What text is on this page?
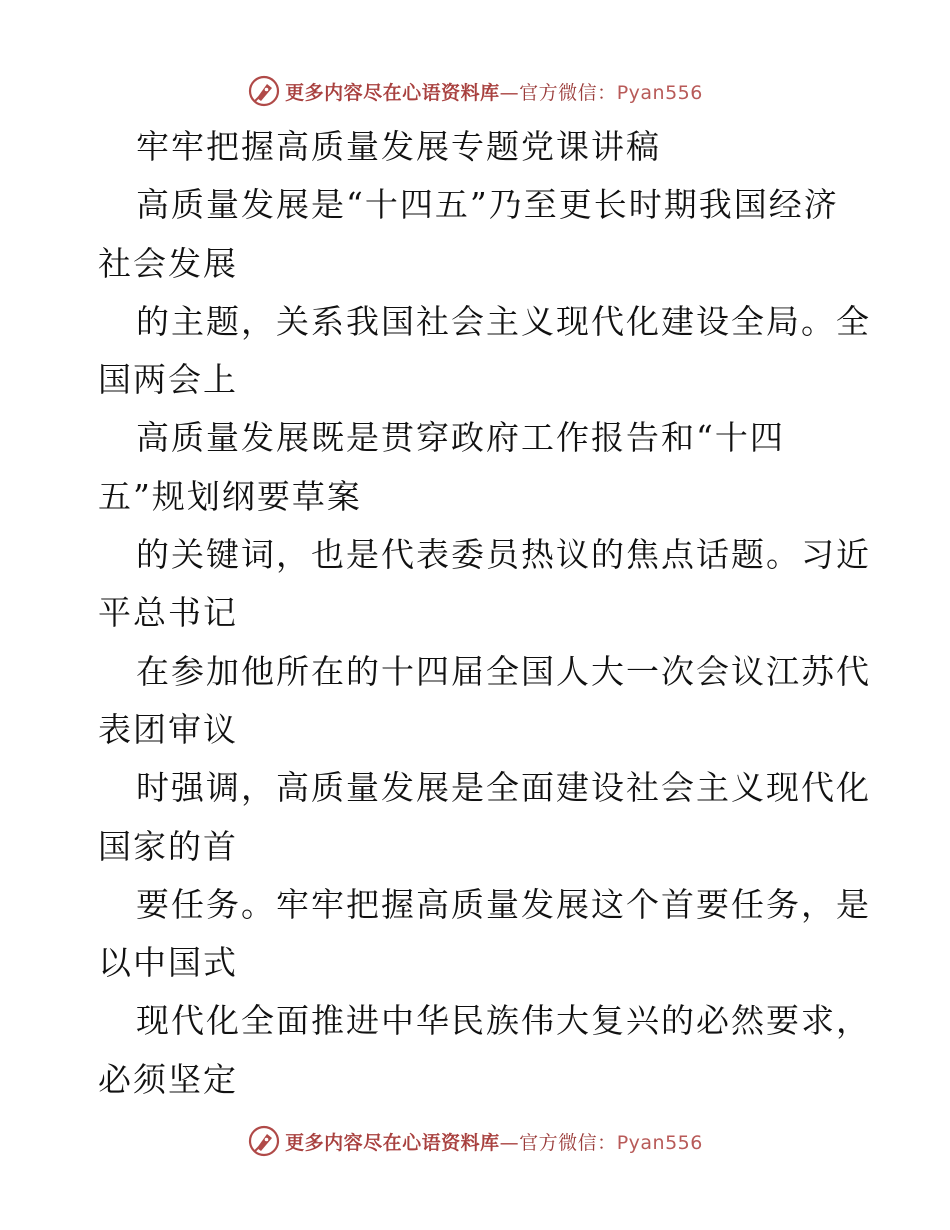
更多内容尽在心语资料库—官方微信：Pyan556
牢牢把握高质量发展专题党课讲稿
高质量发展是“十四五”乃至更长时期我国经济
社会发展
的主题，关系我国社会主义现代化建设全局。全
国两会上
高质量发展既是贯穿政府工作报告和“十四
五”规划纲要草案
的关键词，也是代表委员热议的焦点话题。习近
平总书记
在参加他所在的十四届全国人大一次会议江苏代
表团审议
时强调，高质量发展是全面建设社会主义现代化
国家的首
要任务。牢牢把握高质量发展这个首要任务，是
以中国式
现代化全面推进中华民族伟大复兴的必然要求，
必须坚定
更多内容尽在心语资料库—官方微信：Pyan556
